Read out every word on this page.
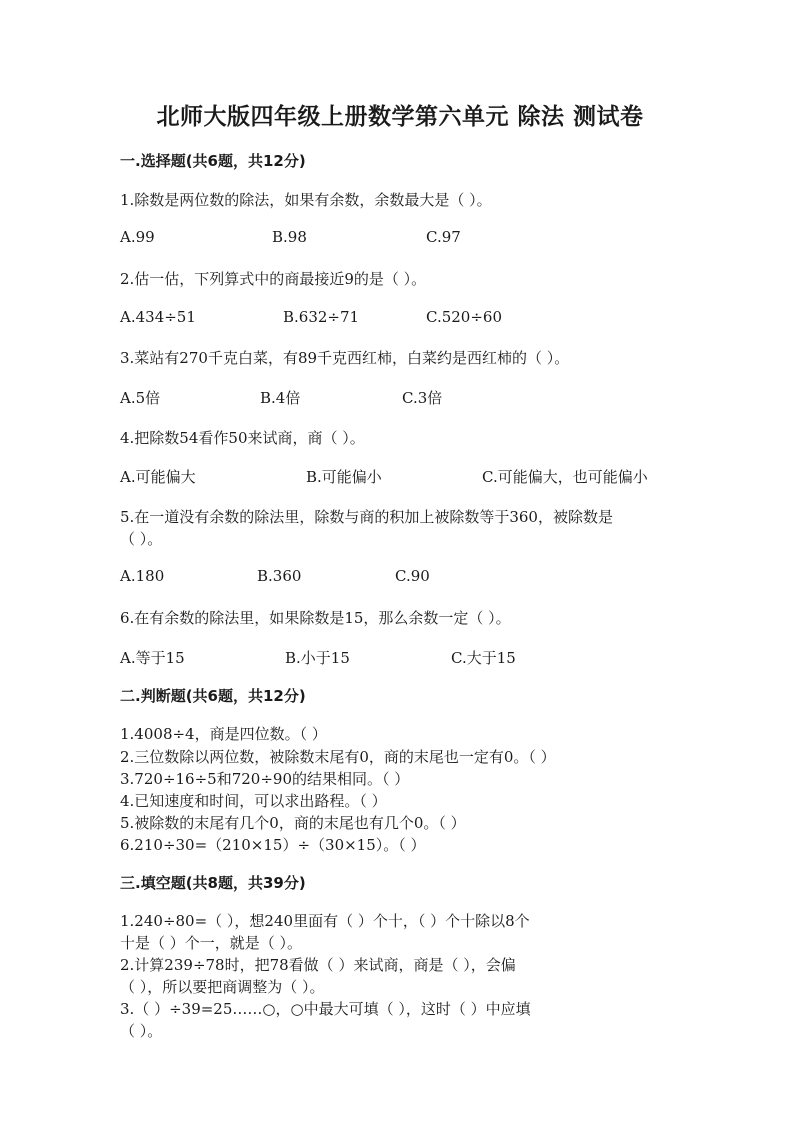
北师大版四年级上册数学第六单元 除法 测试卷
一.选择题(共6题，共12分)
1.除数是两位数的除法，如果有余数，余数最大是（ ）。
A.99	B.98	C.97
2.估一估，下列算式中的商最接近9的是（ ）。
A.434÷51	B.632÷71	C.520÷60
3.菜站有270千克白菜，有89千克西红柿，白菜约是西红柿的（ ）。
A.5倍	B.4倍	C.3倍
4.把除数54看作50来试商，商（ ）。
A.可能偏大	B.可能偏小	C.可能偏大，也可能偏小
5.在一道没有余数的除法里，除数与商的积加上被除数等于360，被除数是
（ ）。
A.180	B.360	C.90
6.在有余数的除法里，如果除数是15，那么余数一定（ ）。
A.等于15	B.小于15	C.大于15
二.判断题(共6题，共12分)
1.4008÷4，商是四位数。（ ）
2.三位数除以两位数，被除数末尾有0，商的末尾也一定有0。（ ）
3.720÷16÷5和720÷90的结果相同。（ ）
4.已知速度和时间，可以求出路程。（ ）
5.被除数的末尾有几个0，商的末尾也有几个0。（ ）
6.210÷30=（210×15）÷（30×15）。（ ）
三.填空题(共8题，共39分)
1.240÷80=（ ），想240里面有（ ）个十，（ ）个十除以8个
十是（ ）个一，就是（ ）。
2.计算239÷78时，把78看做（ ）来试商，商是（ ），会偏
（ ），所以要把商调整为（ ）。
3.（ ）÷39=25……○，○中最大可填（ ），这时（ ）中应填
（ ）。
